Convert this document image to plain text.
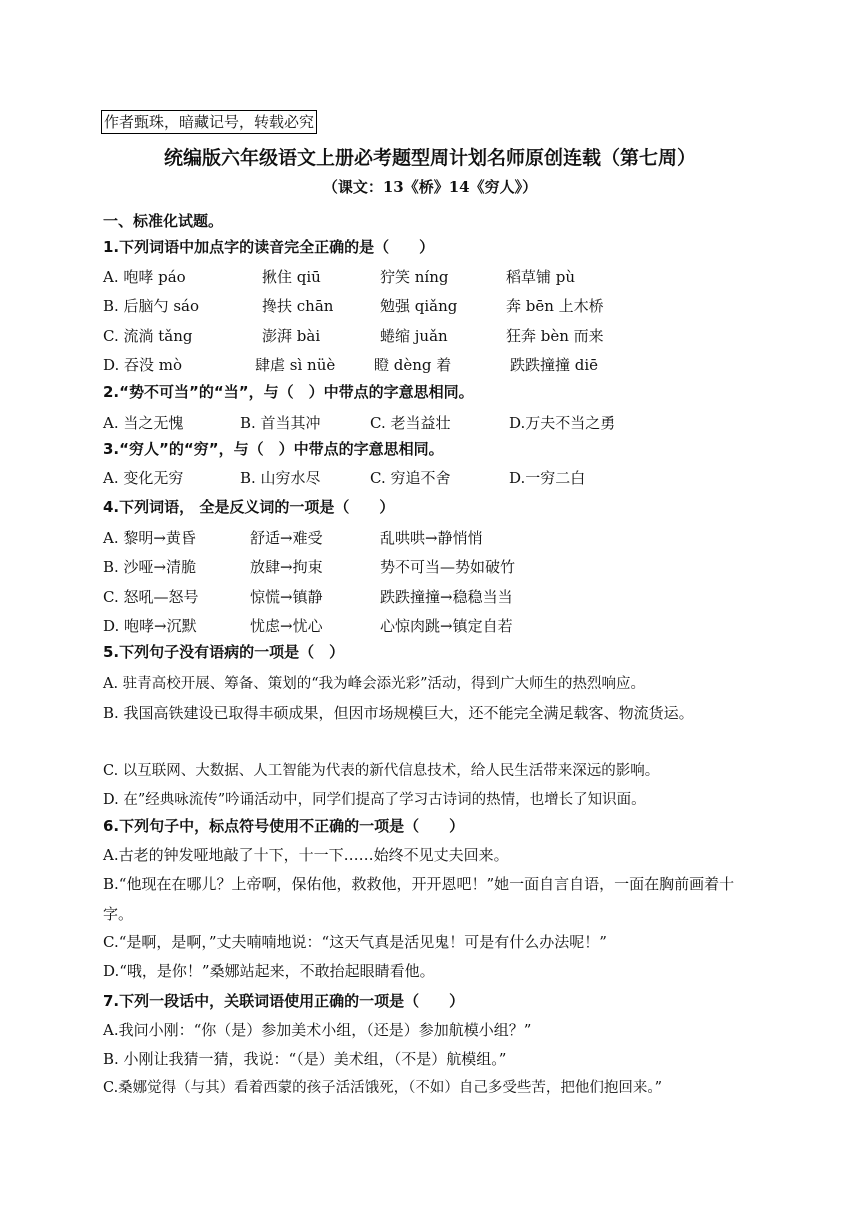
作者甄珠，暗藏记号，转载必究
统编版六年级语文上册必考题型周计划名师原创连载（第七周）
（课文：13《桥》14《穷人》）
一、标准化试题。
1.下列词语中加点字的读音完全正确的是（　　）
A. 咆哮 páo	揪住 qiū	狞笑 níng	稻草铺 pù
B. 后脑勺 sáo	搀扶 chān	勉强 qiǎng	奔 bēn 上木桥
C. 流淌 tǎng	澎湃 bài	蜷缩 juǎn	狂奔 bèn 而来
D. 吞没 mò	肆虐 sì nüè	瞪 dèng 着	跌跌撞撞 diē
2.“势不可当”的“当”，与（　）中带点的字意思相同。
A. 当之无愧	B. 首当其冲	C. 老当益壮	D.万夫不当之勇
3.“穷人”的“穷”，与（　）中带点的字意思相同。
A. 变化无穷	B. 山穷水尽	C. 穷追不舍	D.一穷二白
4.下列词语， 全是反义词的一项是（　　）
A. 黎明→黄昏	舒适→难受	乱哄哄→静悄悄
B. 沙哑→清脆	放肆→拘束	势不可当—势如破竹
C. 怒吼—怒号	惊慌→镇静	跌跌撞撞→稳稳当当
D. 咆哮→沉默	忧虑→忧心	心惊肉跳→镇定自若
5.下列句子没有语病的一项是（　）
A. 驻青高校开展、筹备、策划的“我为峰会添光彩”活动，得到广大师生的热烈响应。
B. 我国高铁建设已取得丰硕成果，但因市场规模巨大，还不能完全满足载客、物流货运。
C. 以互联网、大数据、人工智能为代表的新代信息技术，给人民生活带来深远的影响。
D. 在”经典咏流传”吟诵活动中，同学们提高了学习古诗词的热情，也增长了知识面。
6.下列句子中，标点符号使用不正确的一项是（　　）
A.古老的钟发哑地敲了十下，十一下……始终不见丈夫回来。
B.“他现在在哪儿？上帝啊，保佑他，救救他，开开恩吧！”她一面自言自语，一面在胸前画着十字。
C.“是啊，是啊，”丈夫喃喃地说：“这天气真是活见鬼！可是有什么办法呢！”
D.“哦，是你！”桑娜站起来，不敢抬起眼睛看他。
7.下列一段话中，关联词语使用正确的一项是（　　）
A.我问小刚：“你（是）参加美术小组，（还是）参加航模小组？”
B. 小刚让我猜一猜，我说：“（是）美术组，（不是）航模组。”
C.桑娜觉得（与其）看着西蒙的孩子活活饿死，（不如）自己多受些苦，把他们抱回来。”
